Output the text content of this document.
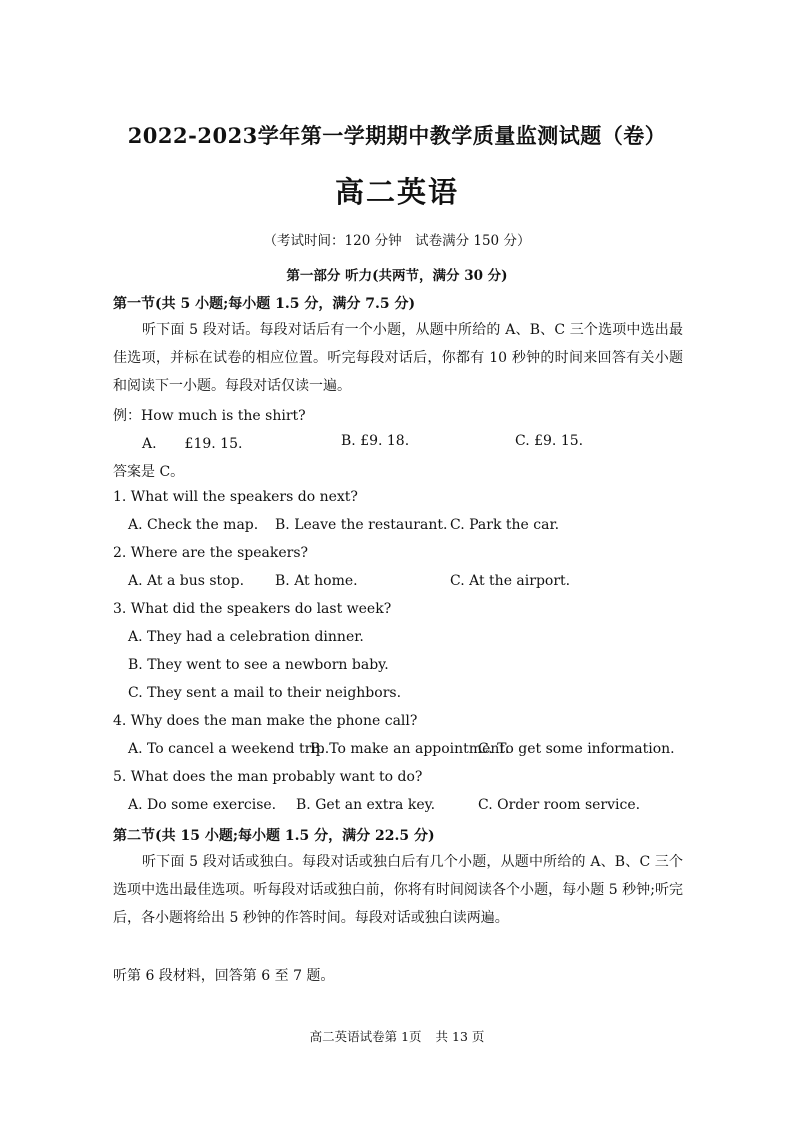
2022-2023学年第一学期期中教学质量监测试题（卷）
高二英语
（考试时间：120 分钟　试卷满分 150 分）
第一部分 听力(共两节，满分 30 分)
第一节(共 5 小题;每小题 1.5 分，满分 7.5 分)
听下面 5 段对话。每段对话后有一个小题，从题中所给的 A、B、C 三个选项中选出最佳选项，并标在试卷的相应位置。听完每段对话后，你都有 10 秒钟的时间来回答有关小题和阅读下一小题。每段对话仅读一遍。
例：How much is the shirt?
A.　　£19. 15.	B. £9. 18.	C. £9. 15.
答案是 C。
1. What will the speakers do next?
A. Check the map. B. Leave the restaurant. C. Park the car.
2. Where are the speakers?
A. At a bus stop. B. At home.	C. At the airport.
3. What did the speakers do last week?
A. They had a celebration dinner.
B. They went to see a newborn baby.
C. They sent a mail to their neighbors.
4. Why does the man make the phone call?
A. To cancel a weekend trip.
B. To make an appointment.
C. To get some information.
5. What does the man probably want to do?
A. Do some exercise. B. Get an extra key.	C. Order room service.
第二节(共 15 小题;每小题 1.5 分，满分 22.5 分)
听下面 5 段对话或独白。每段对话或独白后有几个小题，从题中所给的 A、B、C 三个选项中选出最佳选项。听每段对话或独白前，你将有时间阅读各个小题，每小题 5 秒钟;听完后，各小题将给出 5 秒钟的作答时间。每段对话或独白读两遍。
听第 6 段材料，回答第 6 至 7 题。
高二英语试卷第 1页 共 13 页
